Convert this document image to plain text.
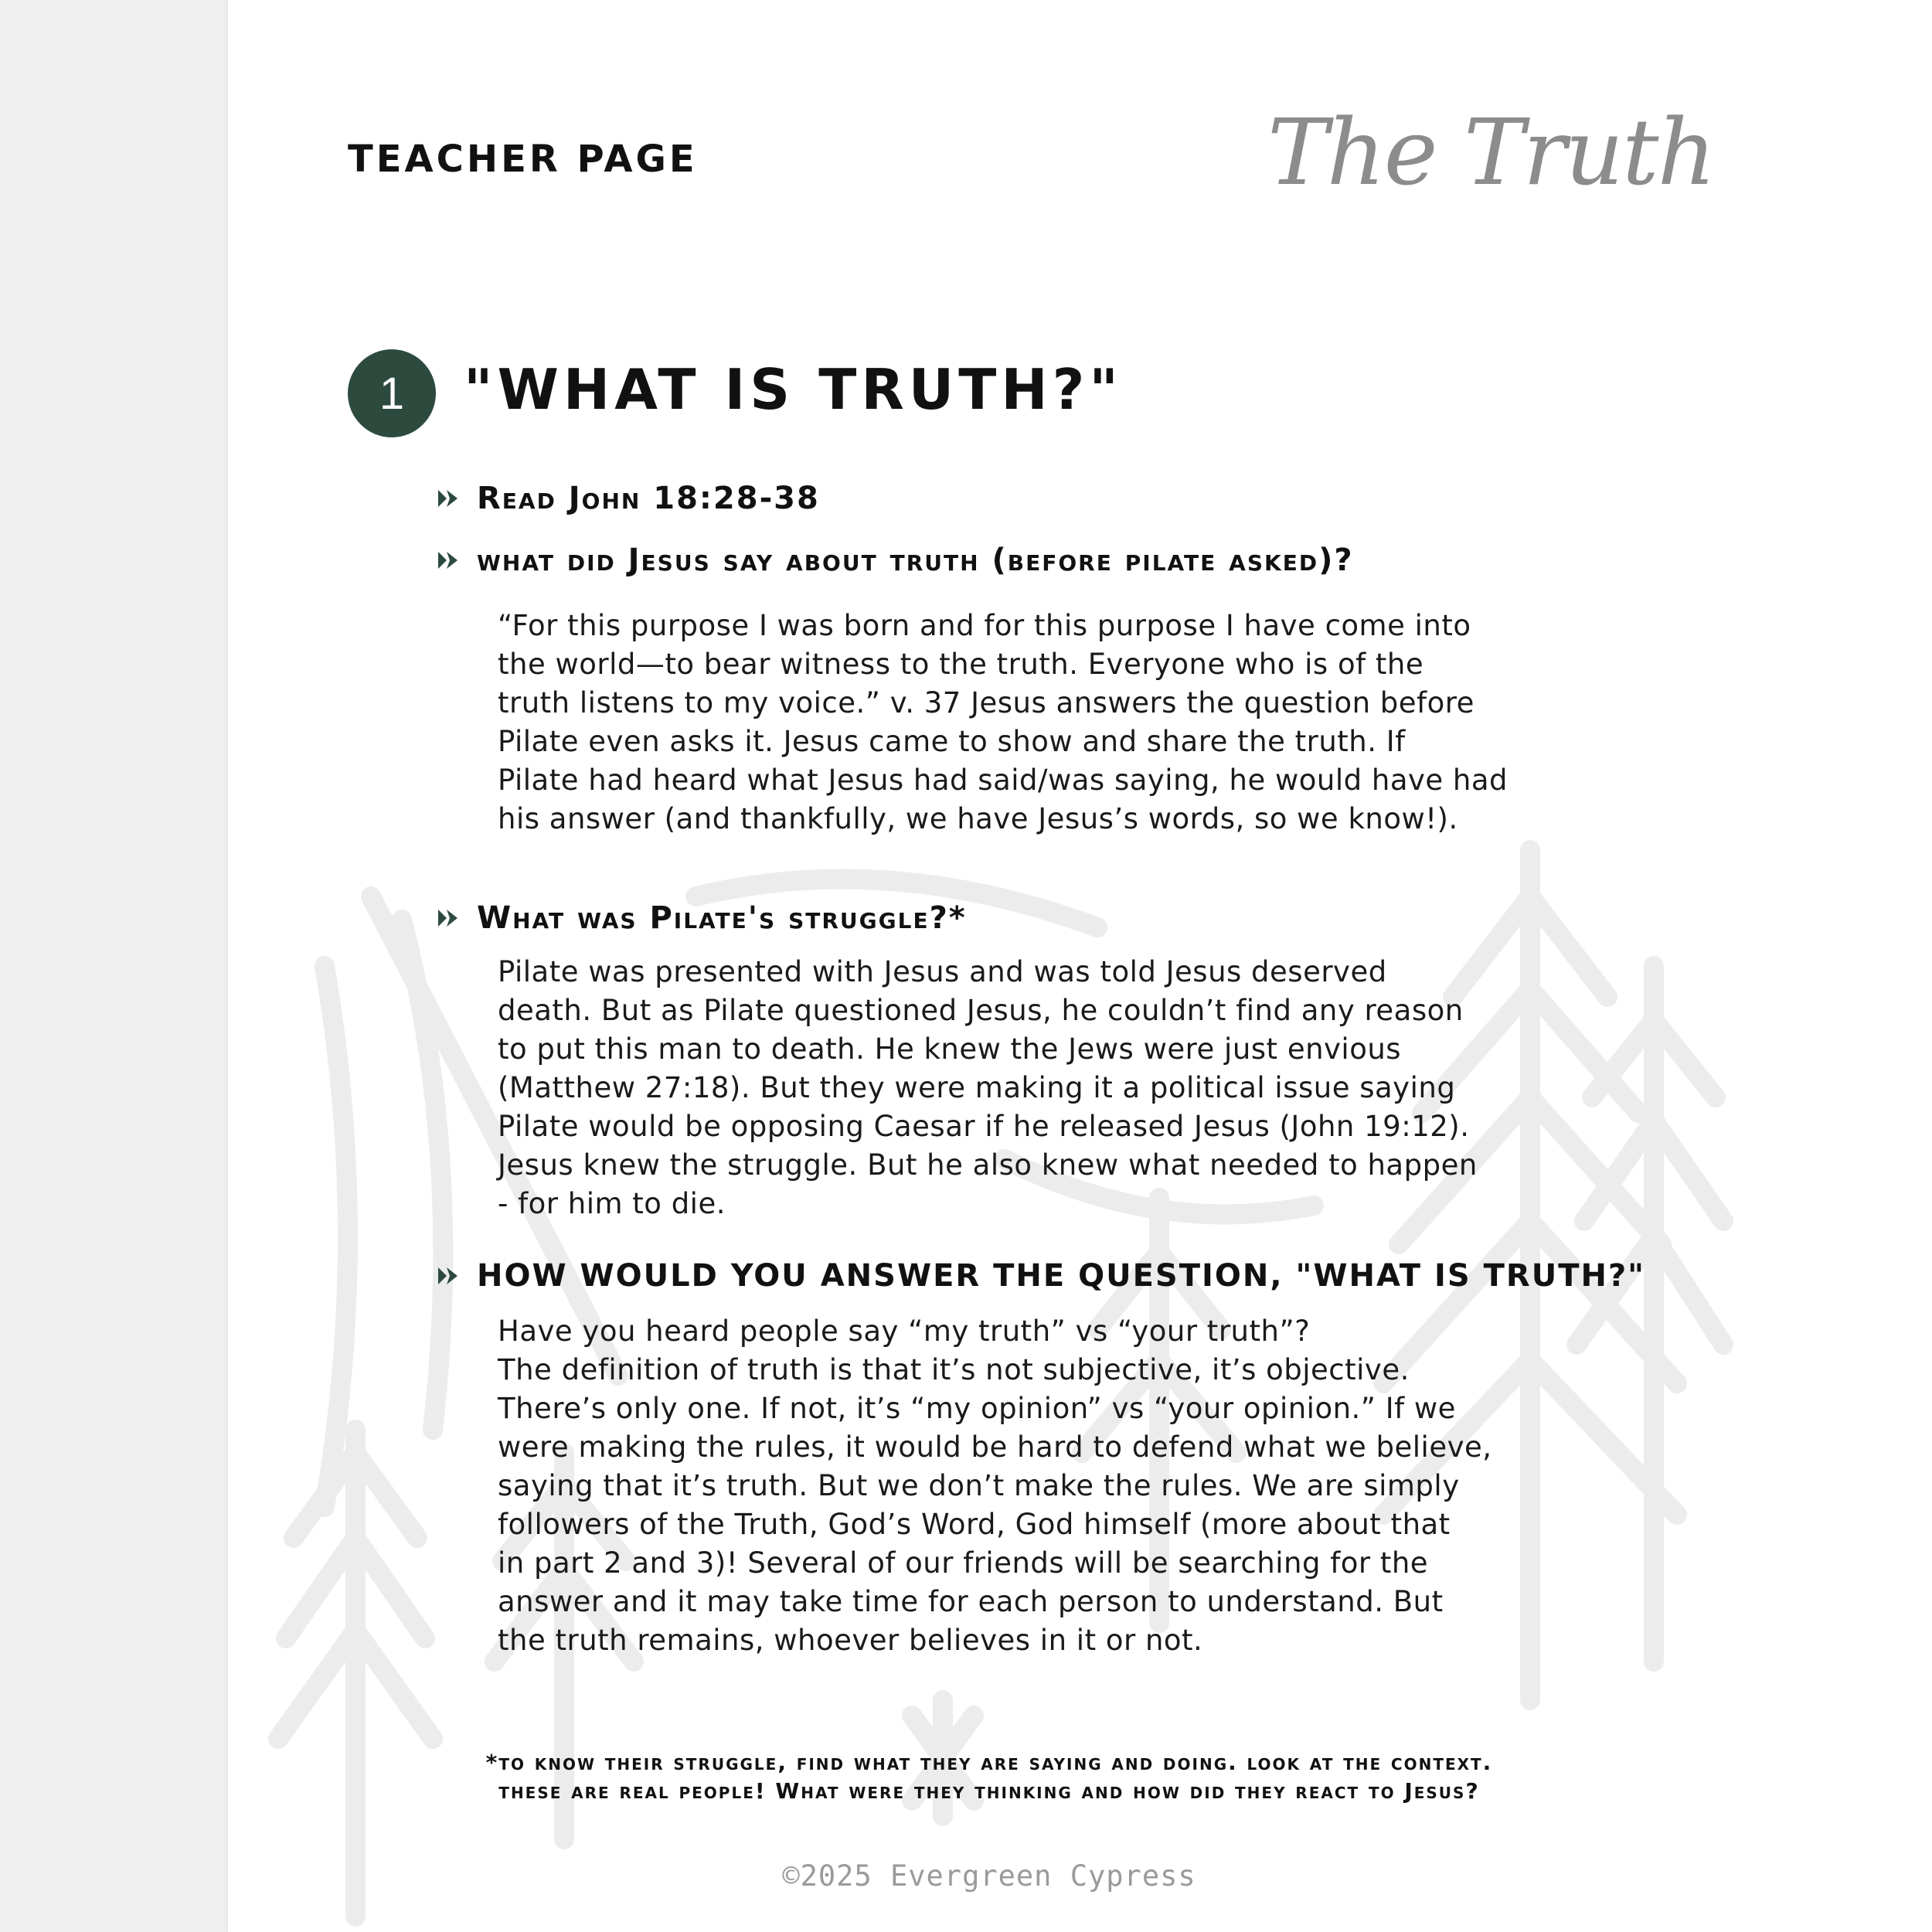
TEACHER PAGE	The Truth
1	"WHAT IS TRUTH?"
Read John 18:28-38
what did Jesus say about truth (before pilate asked)?
“For this purpose I was born and for this purpose I have come into
the world—to bear witness to the truth. Everyone who is of the
truth listens to my voice.” v. 37 Jesus answers the question before
Pilate even asks it. Jesus came to show and share the truth. If
Pilate had heard what Jesus had said/was saying, he would have had
his answer (and thankfully, we have Jesus’s words, so we know!).
What was Pilate's struggle?*
Pilate was presented with Jesus and was told Jesus deserved
death. But as Pilate questioned Jesus, he couldn’t find any reason
to put this man to death. He knew the Jews were just envious
(Matthew 27:18). But they were making it a political issue saying
Pilate would be opposing Caesar if he released Jesus (John 19:12).
Jesus knew the struggle. But he also knew what needed to happen
- for him to die.
HOW WOULD YOU ANSWER THE QUESTION, "WHAT IS TRUTH?"
Have you heard people say “my truth” vs “your truth”?
The definition of truth is that it’s not subjective, it’s objective.
There’s only one. If not, it’s “my opinion” vs “your opinion.” If we
were making the rules, it would be hard to defend what we believe,
saying that it’s truth. But we don’t make the rules. We are simply
followers of the Truth, God’s Word, God himself (more about that
in part 2 and 3)! Several of our friends will be searching for the
answer and it may take time for each person to understand. But
the truth remains, whoever believes in it or not.
*to know their struggle, find what they are saying and doing. look at the context.
these are real people! What were they thinking and how did they react to Jesus?
©2025 Evergreen Cypress
